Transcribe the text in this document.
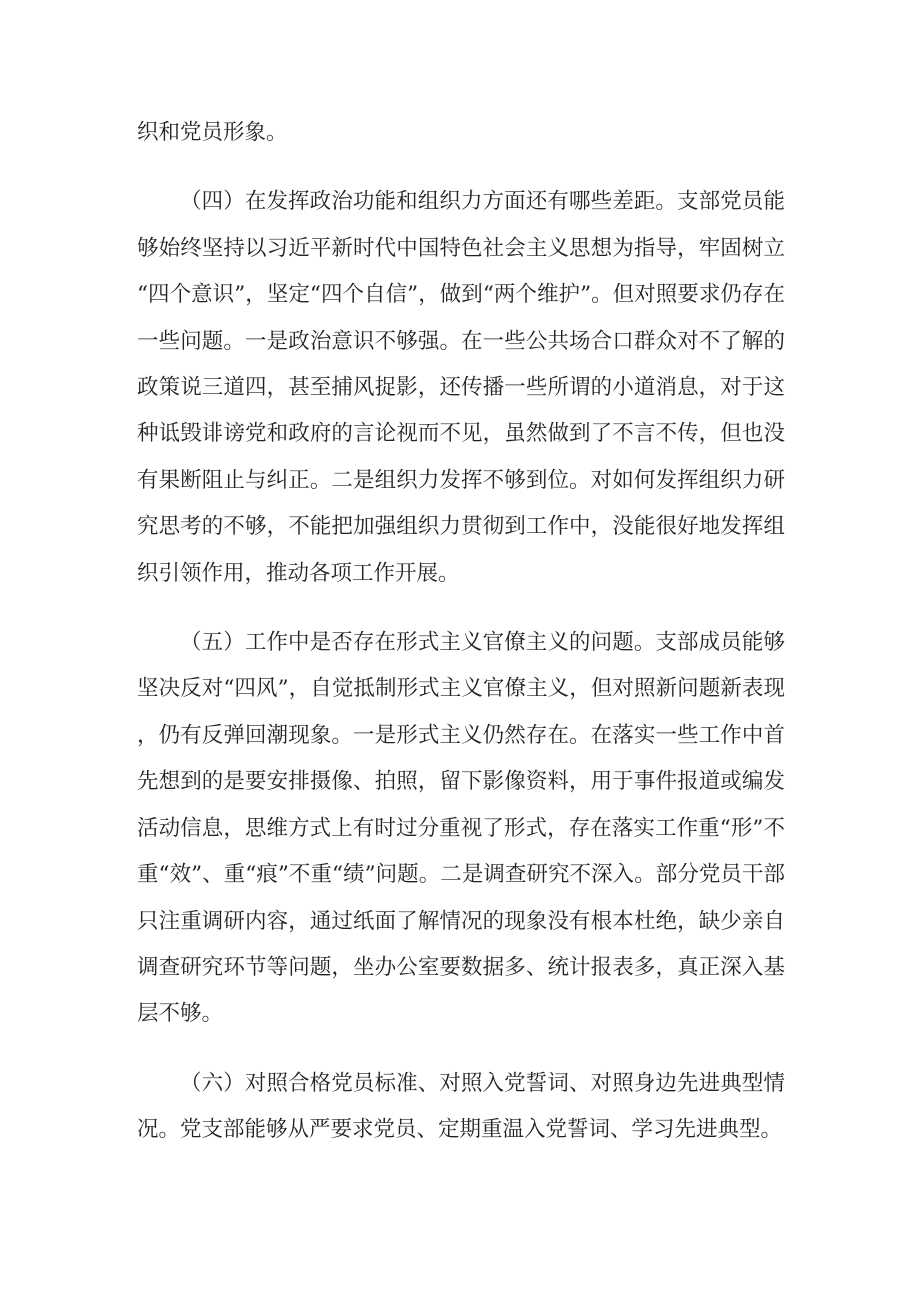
织和党员形象。

（四）在发挥政治功能和组织力方面还有哪些差距。支部党员能够始终坚持以习近平新时代中国特色社会主义思想为指导，牢固树立“四个意识”，坚定“四个自信”，做到“两个维护”。但对照要求仍存在一些问题。一是政治意识不够强。在一些公共场合口群众对不了解的政策说三道四，甚至捕风捉影，还传播一些所谓的小道消息，对于这种诋毁诽谤党和政府的言论视而不见，虽然做到了不言不传，但也没有果断阻止与纠正。二是组织力发挥不够到位。对如何发挥组织力研究思考的不够，不能把加强组织力贯彻到工作中，没能很好地发挥组织引领作用，推动各项工作开展。

（五）工作中是否存在形式主义官僚主义的问题。支部成员能够坚决反对“四风”，自觉抵制形式主义官僚主义，但对照新问题新表现，仍有反弹回潮现象。一是形式主义仍然存在。在落实一些工作中首先想到的是要安排摄像、拍照，留下影像资料，用于事件报道或编发活动信息，思维方式上有时过分重视了形式，存在落实工作重“形”不重“效”、重“痕”不重“绩”问题。二是调查研究不深入。部分党员干部只注重调研内容，通过纸面了解情况的现象没有根本杜绝，缺少亲自调查研究环节等问题，坐办公室要数据多、统计报表多，真正深入基层不够。

（六）对照合格党员标准、对照入党誓词、对照身边先进典型情况。党支部能够从严要求党员、定期重温入党誓词、学习先进典型。
